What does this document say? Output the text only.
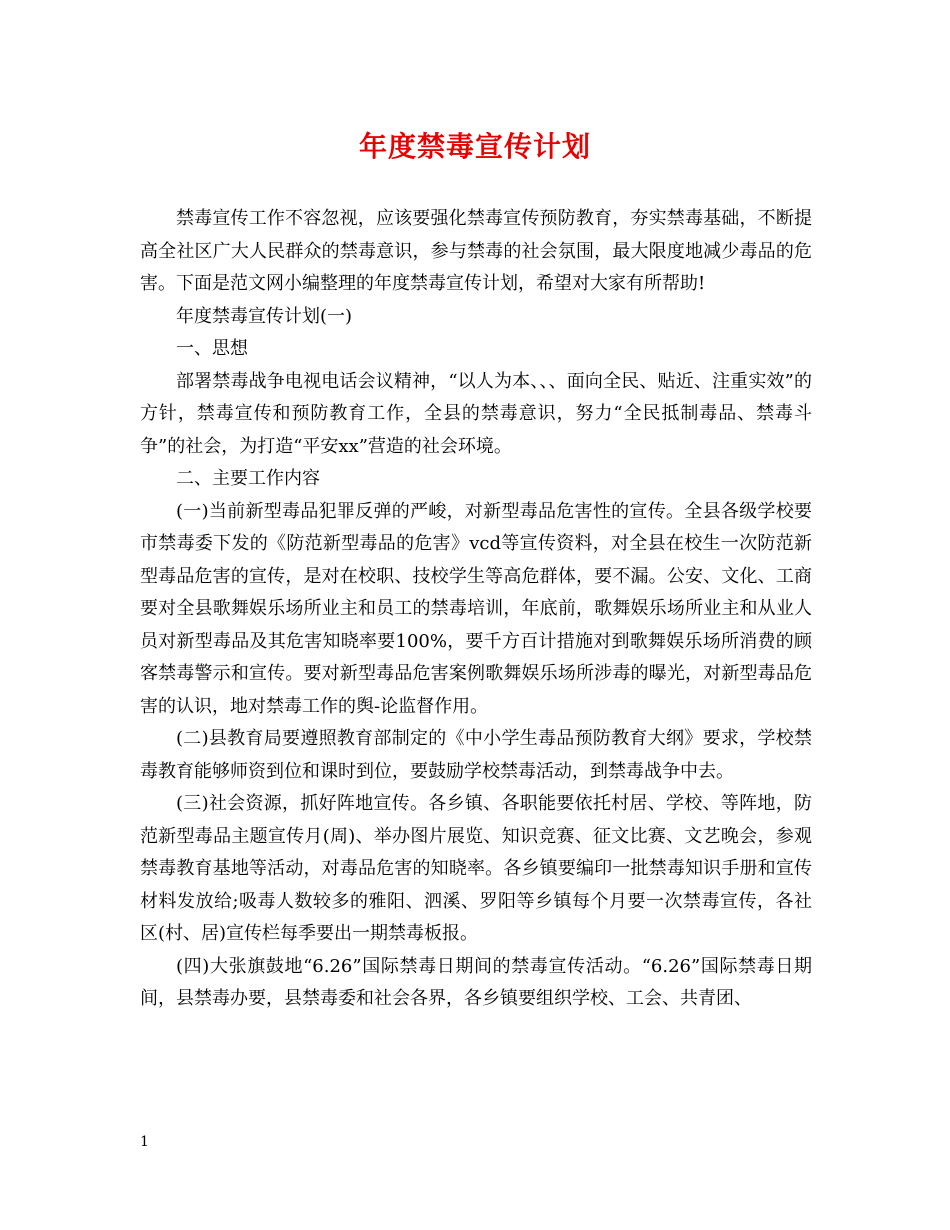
年度禁毒宣传计划

禁毒宣传工作不容忽视，应该要强化禁毒宣传预防教育，夯实禁毒基础，不断提高全社区广大人民群众的禁毒意识，参与禁毒的社会氛围，最大限度地减少毒品的危害。下面是范文网小编整理的年度禁毒宣传计划，希望对大家有所帮助!

年度禁毒宣传计划(一)

一、思想

部署禁毒战争电视电话会议精神，“以人为本、、、面向全民、贴近、注重实效”的方针，禁毒宣传和预防教育工作，全县的禁毒意识，努力“全民抵制毒品、禁毒斗争”的社会，为打造“平安xx”营造的社会环境。

二、主要工作内容

(一)当前新型毒品犯罪反弹的严峻，对新型毒品危害性的宣传。全县各级学校要市禁毒委下发的《防范新型毒品的危害》vcd等宣传资料，对全县在校生一次防范新型毒品危害的宣传，是对在校职、技校学生等高危群体，要不漏。公安、文化、工商要对全县歌舞娱乐场所业主和员工的禁毒培训，年底前，歌舞娱乐场所业主和从业人员对新型毒品及其危害知晓率要100%，要千方百计措施对到歌舞娱乐场所消费的顾客禁毒警示和宣传。要对新型毒品危害案例歌舞娱乐场所涉毒的曝光，对新型毒品危害的认识，地对禁毒工作的舆-论监督作用。

(二)县教育局要遵照教育部制定的《中小学生毒品预防教育大纲》要求，学校禁毒教育能够师资到位和课时到位，要鼓励学校禁毒活动，到禁毒战争中去。

(三)社会资源，抓好阵地宣传。各乡镇、各职能要依托村居、学校、等阵地，防范新型毒品主题宣传月(周)、举办图片展览、知识竞赛、征文比赛、文艺晚会，参观禁毒教育基地等活动，对毒品危害的知晓率。各乡镇要编印一批禁毒知识手册和宣传材料发放给;吸毒人数较多的雅阳、泗溪、罗阳等乡镇每个月要一次禁毒宣传，各社区(村、居)宣传栏每季要出一期禁毒板报。

(四)大张旗鼓地“6.26”国际禁毒日期间的禁毒宣传活动。“6.26”国际禁毒日期间，县禁毒办要，县禁毒委和社会各界，各乡镇要组织学校、工会、共青团、

1
